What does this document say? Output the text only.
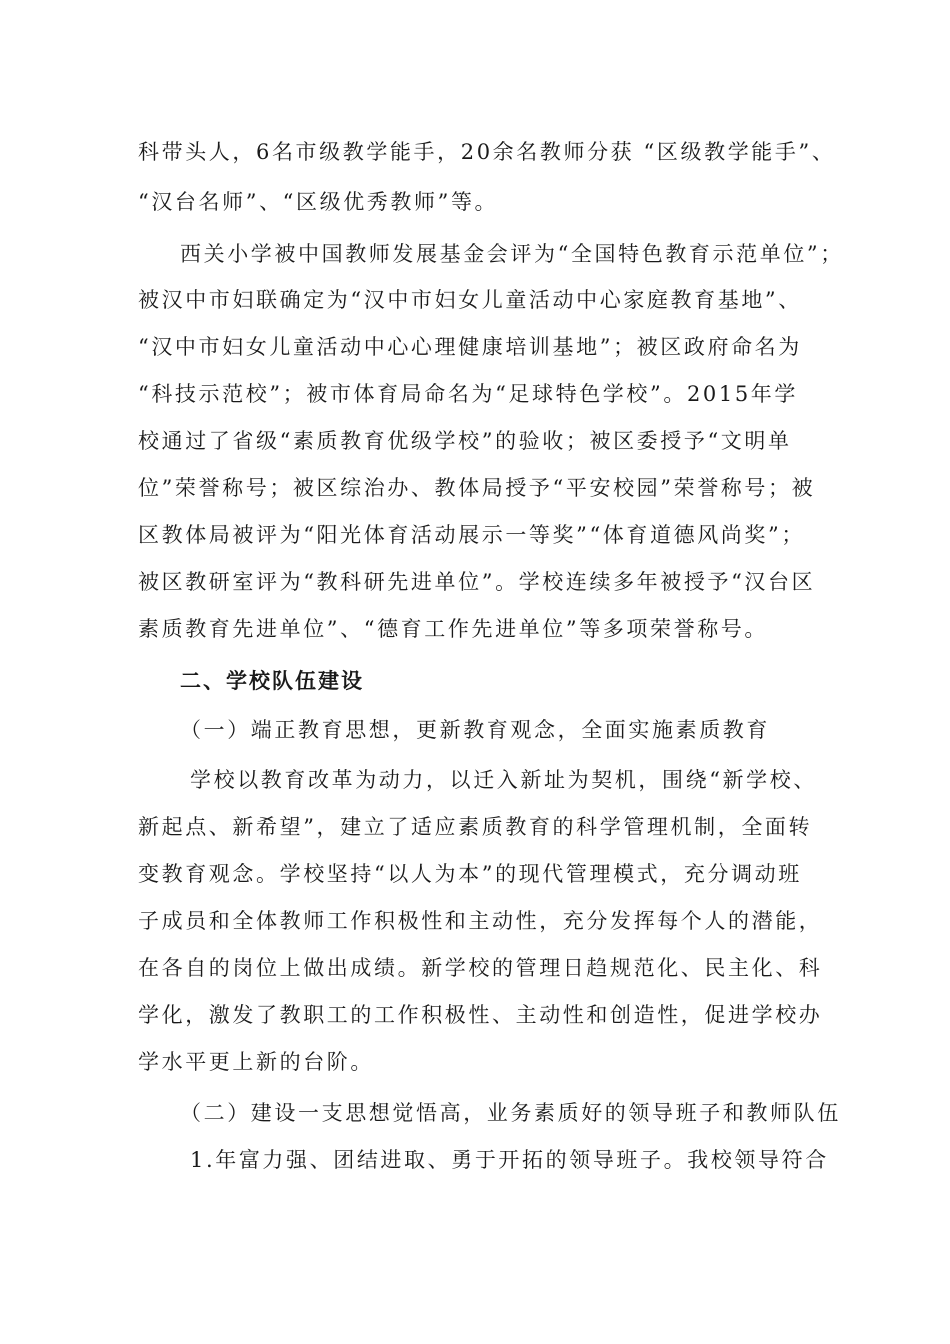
科带头人，6名市级教学能手，20余名教师分获 “区级教学能手”、
“汉台名师”、“区级优秀教师”等。
西关小学被中国教师发展基金会评为“全国特色教育示范单位”；
被汉中市妇联确定为“汉中市妇女儿童活动中心家庭教育基地”、
“汉中市妇女儿童活动中心心理健康培训基地”；被区政府命名为
“科技示范校”；被市体育局命名为“足球特色学校”。2015年学
校通过了省级“素质教育优级学校”的验收；被区委授予“文明单
位”荣誉称号；被区综治办、教体局授予“平安校园”荣誉称号；被
区教体局被评为“阳光体育活动展示一等奖”“体育道德风尚奖”；
被区教研室评为“教科研先进单位”。学校连续多年被授予“汉台区
素质教育先进单位”、“德育工作先进单位”等多项荣誉称号。
二、学校队伍建设
（一）端正教育思想，更新教育观念，全面实施素质教育
学校以教育改革为动力，以迁入新址为契机，围绕“新学校、
新起点、新希望”，建立了适应素质教育的科学管理机制，全面转
变教育观念。学校坚持“以人为本”的现代管理模式，充分调动班
子成员和全体教师工作积极性和主动性，充分发挥每个人的潜能，
在各自的岗位上做出成绩。新学校的管理日趋规范化、民主化、科
学化，激发了教职工的工作积极性、主动性和创造性，促进学校办
学水平更上新的台阶。
（二）建设一支思想觉悟高，业务素质好的领导班子和教师队伍
1.年富力强、团结进取、勇于开拓的领导班子。我校领导符合
